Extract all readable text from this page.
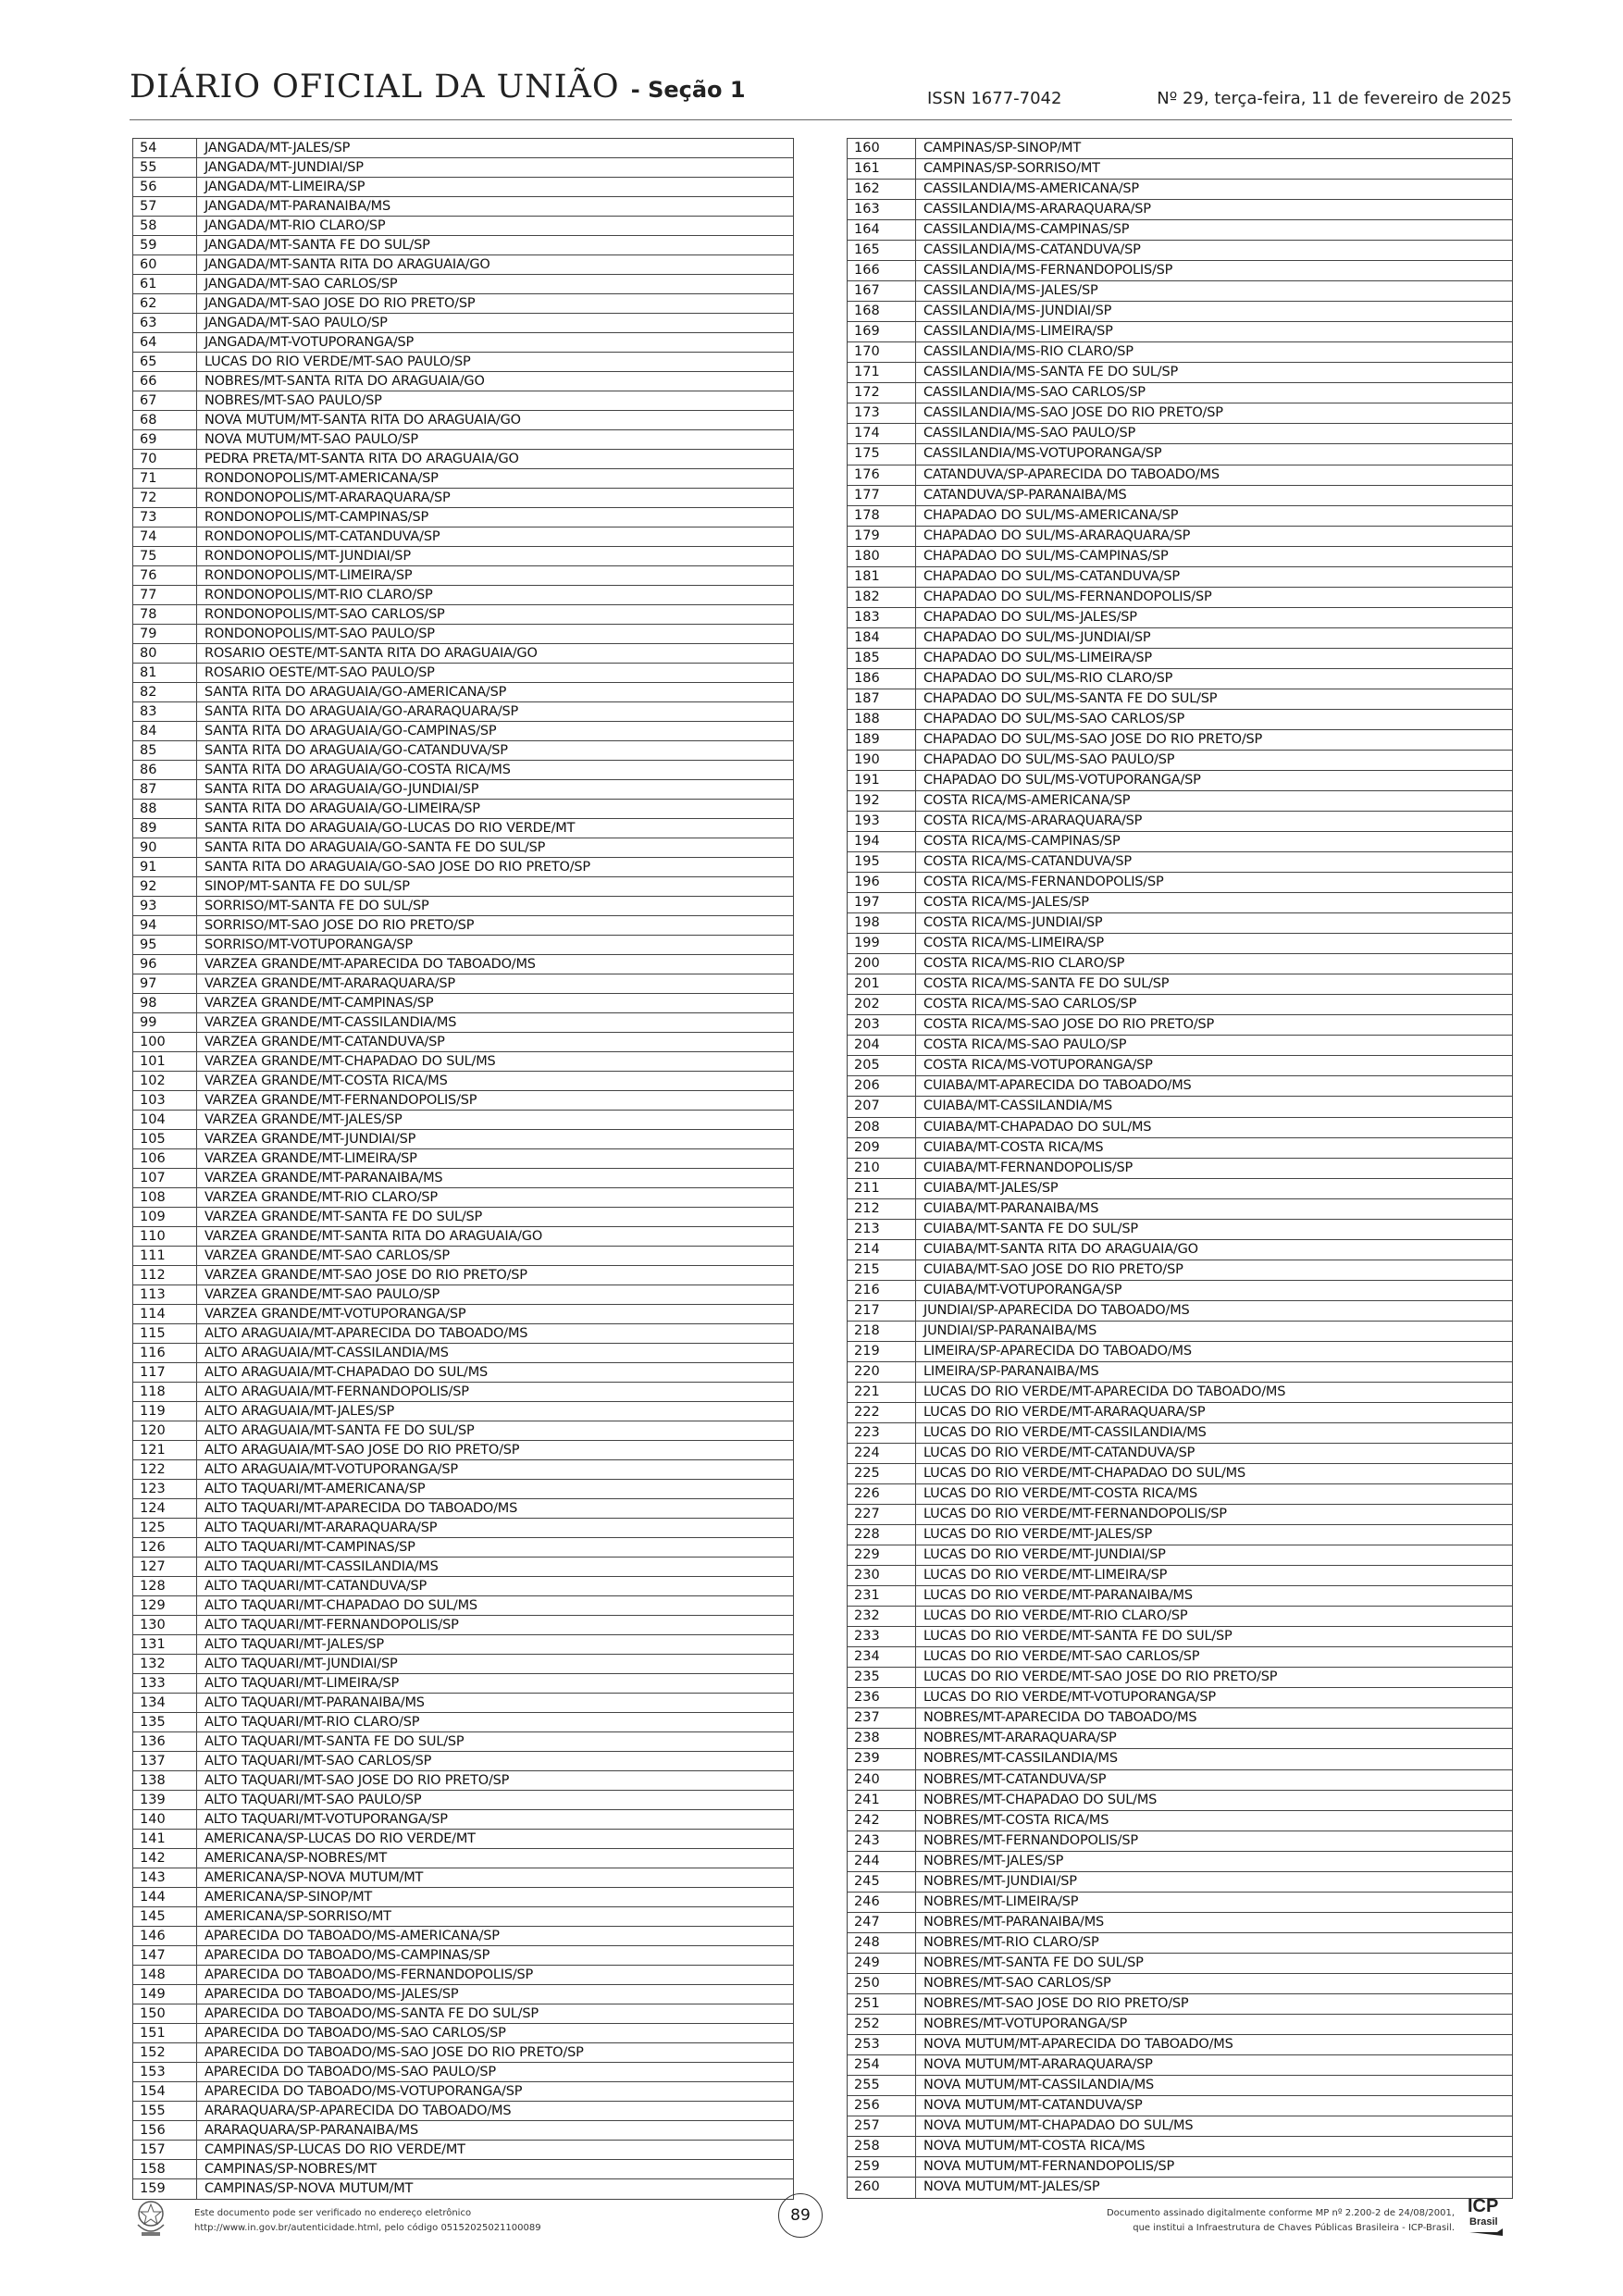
DIÁRIO OFICIAL DA UNIÃO - Seção 1	ISSN 1677-7042	Nº 29, terça-feira, 11 de fevereiro de 2025
54	JANGADA/MT-JALES/SP
55	JANGADA/MT-JUNDIAI/SP
56	JANGADA/MT-LIMEIRA/SP
57	JANGADA/MT-PARANAIBA/MS
58	JANGADA/MT-RIO CLARO/SP
59	JANGADA/MT-SANTA FE DO SUL/SP
60	JANGADA/MT-SANTA RITA DO ARAGUAIA/GO
61	JANGADA/MT-SAO CARLOS/SP
62	JANGADA/MT-SAO JOSE DO RIO PRETO/SP
63	JANGADA/MT-SAO PAULO/SP
64	JANGADA/MT-VOTUPORANGA/SP
65	LUCAS DO RIO VERDE/MT-SAO PAULO/SP
66	NOBRES/MT-SANTA RITA DO ARAGUAIA/GO
67	NOBRES/MT-SAO PAULO/SP
68	NOVA MUTUM/MT-SANTA RITA DO ARAGUAIA/GO
69	NOVA MUTUM/MT-SAO PAULO/SP
70	PEDRA PRETA/MT-SANTA RITA DO ARAGUAIA/GO
71	RONDONOPOLIS/MT-AMERICANA/SP
72	RONDONOPOLIS/MT-ARARAQUARA/SP
73	RONDONOPOLIS/MT-CAMPINAS/SP
74	RONDONOPOLIS/MT-CATANDUVA/SP
75	RONDONOPOLIS/MT-JUNDIAI/SP
76	RONDONOPOLIS/MT-LIMEIRA/SP
77	RONDONOPOLIS/MT-RIO CLARO/SP
78	RONDONOPOLIS/MT-SAO CARLOS/SP
79	RONDONOPOLIS/MT-SAO PAULO/SP
80	ROSARIO OESTE/MT-SANTA RITA DO ARAGUAIA/GO
81	ROSARIO OESTE/MT-SAO PAULO/SP
82	SANTA RITA DO ARAGUAIA/GO-AMERICANA/SP
83	SANTA RITA DO ARAGUAIA/GO-ARARAQUARA/SP
84	SANTA RITA DO ARAGUAIA/GO-CAMPINAS/SP
85	SANTA RITA DO ARAGUAIA/GO-CATANDUVA/SP
86	SANTA RITA DO ARAGUAIA/GO-COSTA RICA/MS
87	SANTA RITA DO ARAGUAIA/GO-JUNDIAI/SP
88	SANTA RITA DO ARAGUAIA/GO-LIMEIRA/SP
89	SANTA RITA DO ARAGUAIA/GO-LUCAS DO RIO VERDE/MT
90	SANTA RITA DO ARAGUAIA/GO-SANTA FE DO SUL/SP
91	SANTA RITA DO ARAGUAIA/GO-SAO JOSE DO RIO PRETO/SP
92	SINOP/MT-SANTA FE DO SUL/SP
93	SORRISO/MT-SANTA FE DO SUL/SP
94	SORRISO/MT-SAO JOSE DO RIO PRETO/SP
95	SORRISO/MT-VOTUPORANGA/SP
96	VARZEA GRANDE/MT-APARECIDA DO TABOADO/MS
97	VARZEA GRANDE/MT-ARARAQUARA/SP
98	VARZEA GRANDE/MT-CAMPINAS/SP
99	VARZEA GRANDE/MT-CASSILANDIA/MS
100	VARZEA GRANDE/MT-CATANDUVA/SP
101	VARZEA GRANDE/MT-CHAPADAO DO SUL/MS
102	VARZEA GRANDE/MT-COSTA RICA/MS
103	VARZEA GRANDE/MT-FERNANDOPOLIS/SP
104	VARZEA GRANDE/MT-JALES/SP
105	VARZEA GRANDE/MT-JUNDIAI/SP
106	VARZEA GRANDE/MT-LIMEIRA/SP
107	VARZEA GRANDE/MT-PARANAIBA/MS
108	VARZEA GRANDE/MT-RIO CLARO/SP
109	VARZEA GRANDE/MT-SANTA FE DO SUL/SP
110	VARZEA GRANDE/MT-SANTA RITA DO ARAGUAIA/GO
111	VARZEA GRANDE/MT-SAO CARLOS/SP
112	VARZEA GRANDE/MT-SAO JOSE DO RIO PRETO/SP
113	VARZEA GRANDE/MT-SAO PAULO/SP
114	VARZEA GRANDE/MT-VOTUPORANGA/SP
115	ALTO ARAGUAIA/MT-APARECIDA DO TABOADO/MS
116	ALTO ARAGUAIA/MT-CASSILANDIA/MS
117	ALTO ARAGUAIA/MT-CHAPADAO DO SUL/MS
118	ALTO ARAGUAIA/MT-FERNANDOPOLIS/SP
119	ALTO ARAGUAIA/MT-JALES/SP
120	ALTO ARAGUAIA/MT-SANTA FE DO SUL/SP
121	ALTO ARAGUAIA/MT-SAO JOSE DO RIO PRETO/SP
122	ALTO ARAGUAIA/MT-VOTUPORANGA/SP
123	ALTO TAQUARI/MT-AMERICANA/SP
124	ALTO TAQUARI/MT-APARECIDA DO TABOADO/MS
125	ALTO TAQUARI/MT-ARARAQUARA/SP
126	ALTO TAQUARI/MT-CAMPINAS/SP
127	ALTO TAQUARI/MT-CASSILANDIA/MS
128	ALTO TAQUARI/MT-CATANDUVA/SP
129	ALTO TAQUARI/MT-CHAPADAO DO SUL/MS
130	ALTO TAQUARI/MT-FERNANDOPOLIS/SP
131	ALTO TAQUARI/MT-JALES/SP
132	ALTO TAQUARI/MT-JUNDIAI/SP
133	ALTO TAQUARI/MT-LIMEIRA/SP
134	ALTO TAQUARI/MT-PARANAIBA/MS
135	ALTO TAQUARI/MT-RIO CLARO/SP
136	ALTO TAQUARI/MT-SANTA FE DO SUL/SP
137	ALTO TAQUARI/MT-SAO CARLOS/SP
138	ALTO TAQUARI/MT-SAO JOSE DO RIO PRETO/SP
139	ALTO TAQUARI/MT-SAO PAULO/SP
140	ALTO TAQUARI/MT-VOTUPORANGA/SP
141	AMERICANA/SP-LUCAS DO RIO VERDE/MT
142	AMERICANA/SP-NOBRES/MT
143	AMERICANA/SP-NOVA MUTUM/MT
144	AMERICANA/SP-SINOP/MT
145	AMERICANA/SP-SORRISO/MT
146	APARECIDA DO TABOADO/MS-AMERICANA/SP
147	APARECIDA DO TABOADO/MS-CAMPINAS/SP
148	APARECIDA DO TABOADO/MS-FERNANDOPOLIS/SP
149	APARECIDA DO TABOADO/MS-JALES/SP
150	APARECIDA DO TABOADO/MS-SANTA FE DO SUL/SP
151	APARECIDA DO TABOADO/MS-SAO CARLOS/SP
152	APARECIDA DO TABOADO/MS-SAO JOSE DO RIO PRETO/SP
153	APARECIDA DO TABOADO/MS-SAO PAULO/SP
154	APARECIDA DO TABOADO/MS-VOTUPORANGA/SP
155	ARARAQUARA/SP-APARECIDA DO TABOADO/MS
156	ARARAQUARA/SP-PARANAIBA/MS
157	CAMPINAS/SP-LUCAS DO RIO VERDE/MT
158	CAMPINAS/SP-NOBRES/MT
159	CAMPINAS/SP-NOVA MUTUM/MT
160	CAMPINAS/SP-SINOP/MT
161	CAMPINAS/SP-SORRISO/MT
162	CASSILANDIA/MS-AMERICANA/SP
163	CASSILANDIA/MS-ARARAQUARA/SP
164	CASSILANDIA/MS-CAMPINAS/SP
165	CASSILANDIA/MS-CATANDUVA/SP
166	CASSILANDIA/MS-FERNANDOPOLIS/SP
167	CASSILANDIA/MS-JALES/SP
168	CASSILANDIA/MS-JUNDIAI/SP
169	CASSILANDIA/MS-LIMEIRA/SP
170	CASSILANDIA/MS-RIO CLARO/SP
171	CASSILANDIA/MS-SANTA FE DO SUL/SP
172	CASSILANDIA/MS-SAO CARLOS/SP
173	CASSILANDIA/MS-SAO JOSE DO RIO PRETO/SP
174	CASSILANDIA/MS-SAO PAULO/SP
175	CASSILANDIA/MS-VOTUPORANGA/SP
176	CATANDUVA/SP-APARECIDA DO TABOADO/MS
177	CATANDUVA/SP-PARANAIBA/MS
178	CHAPADAO DO SUL/MS-AMERICANA/SP
179	CHAPADAO DO SUL/MS-ARARAQUARA/SP
180	CHAPADAO DO SUL/MS-CAMPINAS/SP
181	CHAPADAO DO SUL/MS-CATANDUVA/SP
182	CHAPADAO DO SUL/MS-FERNANDOPOLIS/SP
183	CHAPADAO DO SUL/MS-JALES/SP
184	CHAPADAO DO SUL/MS-JUNDIAI/SP
185	CHAPADAO DO SUL/MS-LIMEIRA/SP
186	CHAPADAO DO SUL/MS-RIO CLARO/SP
187	CHAPADAO DO SUL/MS-SANTA FE DO SUL/SP
188	CHAPADAO DO SUL/MS-SAO CARLOS/SP
189	CHAPADAO DO SUL/MS-SAO JOSE DO RIO PRETO/SP
190	CHAPADAO DO SUL/MS-SAO PAULO/SP
191	CHAPADAO DO SUL/MS-VOTUPORANGA/SP
192	COSTA RICA/MS-AMERICANA/SP
193	COSTA RICA/MS-ARARAQUARA/SP
194	COSTA RICA/MS-CAMPINAS/SP
195	COSTA RICA/MS-CATANDUVA/SP
196	COSTA RICA/MS-FERNANDOPOLIS/SP
197	COSTA RICA/MS-JALES/SP
198	COSTA RICA/MS-JUNDIAI/SP
199	COSTA RICA/MS-LIMEIRA/SP
200	COSTA RICA/MS-RIO CLARO/SP
201	COSTA RICA/MS-SANTA FE DO SUL/SP
202	COSTA RICA/MS-SAO CARLOS/SP
203	COSTA RICA/MS-SAO JOSE DO RIO PRETO/SP
204	COSTA RICA/MS-SAO PAULO/SP
205	COSTA RICA/MS-VOTUPORANGA/SP
206	CUIABA/MT-APARECIDA DO TABOADO/MS
207	CUIABA/MT-CASSILANDIA/MS
208	CUIABA/MT-CHAPADAO DO SUL/MS
209	CUIABA/MT-COSTA RICA/MS
210	CUIABA/MT-FERNANDOPOLIS/SP
211	CUIABA/MT-JALES/SP
212	CUIABA/MT-PARANAIBA/MS
213	CUIABA/MT-SANTA FE DO SUL/SP
214	CUIABA/MT-SANTA RITA DO ARAGUAIA/GO
215	CUIABA/MT-SAO JOSE DO RIO PRETO/SP
216	CUIABA/MT-VOTUPORANGA/SP
217	JUNDIAI/SP-APARECIDA DO TABOADO/MS
218	JUNDIAI/SP-PARANAIBA/MS
219	LIMEIRA/SP-APARECIDA DO TABOADO/MS
220	LIMEIRA/SP-PARANAIBA/MS
221	LUCAS DO RIO VERDE/MT-APARECIDA DO TABOADO/MS
222	LUCAS DO RIO VERDE/MT-ARARAQUARA/SP
223	LUCAS DO RIO VERDE/MT-CASSILANDIA/MS
224	LUCAS DO RIO VERDE/MT-CATANDUVA/SP
225	LUCAS DO RIO VERDE/MT-CHAPADAO DO SUL/MS
226	LUCAS DO RIO VERDE/MT-COSTA RICA/MS
227	LUCAS DO RIO VERDE/MT-FERNANDOPOLIS/SP
228	LUCAS DO RIO VERDE/MT-JALES/SP
229	LUCAS DO RIO VERDE/MT-JUNDIAI/SP
230	LUCAS DO RIO VERDE/MT-LIMEIRA/SP
231	LUCAS DO RIO VERDE/MT-PARANAIBA/MS
232	LUCAS DO RIO VERDE/MT-RIO CLARO/SP
233	LUCAS DO RIO VERDE/MT-SANTA FE DO SUL/SP
234	LUCAS DO RIO VERDE/MT-SAO CARLOS/SP
235	LUCAS DO RIO VERDE/MT-SAO JOSE DO RIO PRETO/SP
236	LUCAS DO RIO VERDE/MT-VOTUPORANGA/SP
237	NOBRES/MT-APARECIDA DO TABOADO/MS
238	NOBRES/MT-ARARAQUARA/SP
239	NOBRES/MT-CASSILANDIA/MS
240	NOBRES/MT-CATANDUVA/SP
241	NOBRES/MT-CHAPADAO DO SUL/MS
242	NOBRES/MT-COSTA RICA/MS
243	NOBRES/MT-FERNANDOPOLIS/SP
244	NOBRES/MT-JALES/SP
245	NOBRES/MT-JUNDIAI/SP
246	NOBRES/MT-LIMEIRA/SP
247	NOBRES/MT-PARANAIBA/MS
248	NOBRES/MT-RIO CLARO/SP
249	NOBRES/MT-SANTA FE DO SUL/SP
250	NOBRES/MT-SAO CARLOS/SP
251	NOBRES/MT-SAO JOSE DO RIO PRETO/SP
252	NOBRES/MT-VOTUPORANGA/SP
253	NOVA MUTUM/MT-APARECIDA DO TABOADO/MS
254	NOVA MUTUM/MT-ARARAQUARA/SP
255	NOVA MUTUM/MT-CASSILANDIA/MS
256	NOVA MUTUM/MT-CATANDUVA/SP
257	NOVA MUTUM/MT-CHAPADAO DO SUL/MS
258	NOVA MUTUM/MT-COSTA RICA/MS
259	NOVA MUTUM/MT-FERNANDOPOLIS/SP
260	NOVA MUTUM/MT-JALES/SP
Este documento pode ser verificado no endereço eletrônico
http://www.in.gov.br/autenticidade.html, pelo código 05152025021100089
89	Documento assinado digitalmente conforme MP nº 2.200-2 de 24/08/2001,
que institui a Infraestrutura de Chaves Públicas Brasileira - ICP-Brasil.
ICP
Brasil
